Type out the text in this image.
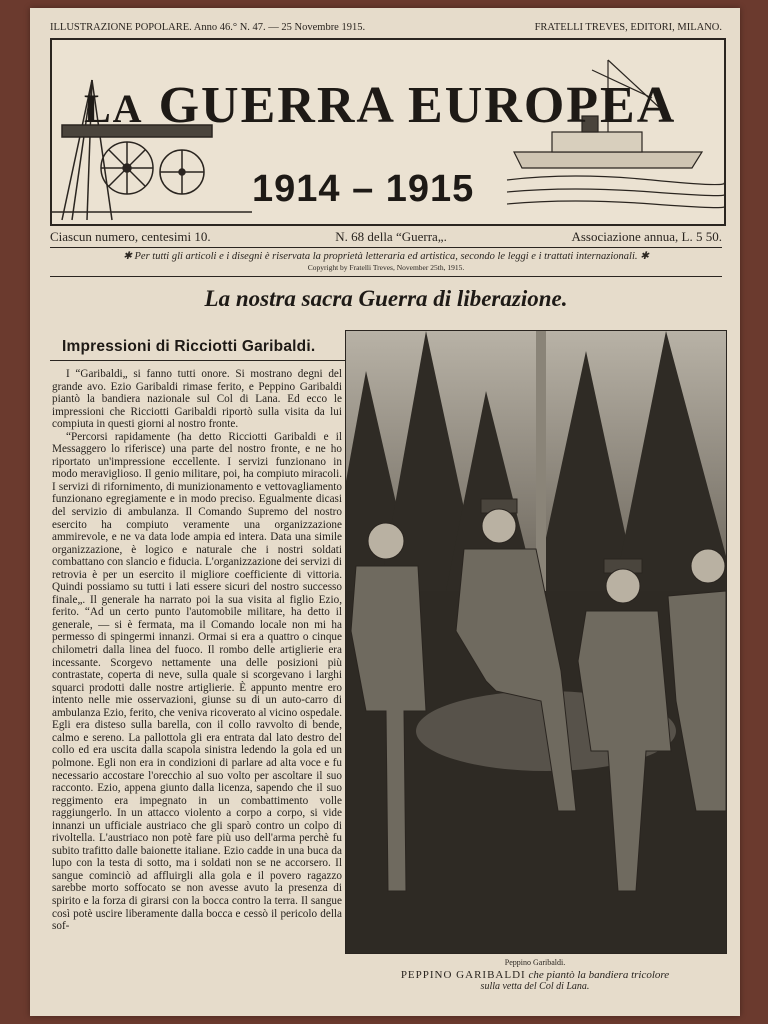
ILLUSTRAZIONE POPOLARE. Anno 46.° N. 47. — 25 Novembre 1915.	FRATELLI TREVES, EDITORI, MILANO.
LA GUERRA EUROPEA
1914 – 1915
Ciascun numero, centesimi 10.	N. 68 della “Guerra„.	Associazione annua, L. 5 50.
✱ Per tutti gli articoli e i disegni è riservata la proprietà letteraria ed artistica, secondo le leggi e i trattati internazionali. ✱
Copyright by Fratelli Treves, November 25th, 1915.
La nostra sacra Guerra di liberazione.
Impressioni di Ricciotti Garibaldi.

I “Garibaldi„ si fanno tutti onore. Si mostrano degni del grande avo. Ezio Garibaldi rimase ferito, e Peppino Garibaldi piantò la bandiera nazionale sul Col di Lana. Ed ecco le impressioni che Ricciotti Garibaldi riportò sulla visita da lui compiuta in questi giorni al nostro fronte.

“Percorsi rapidamente (ha detto Ricciotti Garibaldi e il Messaggero lo riferisce) una parte del nostro fronte, e ne ho riportato un'impressione eccellente. I servizi funzionano in modo meraviglioso. Il genio militare, poi, ha compiuto miracoli. I servizi di rifornimento, di munizionamento e vettovagliamento funzionano egregiamente e in modo preciso. Egualmente dicasi del servizio di ambulanza. Il Comando Supremo del nostro esercito ha compiuto veramente una organizzazione ammirevole, e ne va data lode ampia ed intera. Data una simile organizzazione, è logico e naturale che i nostri soldati combattano con slancio e fiducia. L'organizzazione dei servizi di retrovia è per un esercito il migliore coefficiente di vittoria. Quindi possiamo su tutti i lati essere sicuri del nostro successo finale„. Il generale ha narrato poi la sua visita al figlio Ezio, ferito. “Ad un certo punto l'automobile militare, ha detto il generale, — si è fermata, ma il Comando locale non mi ha permesso di spingermi innanzi. Ormai si era a quattro o cinque chilometri dalla linea del fuoco. Il rombo delle artiglierie era incessante. Scorgevo nettamente una delle posizioni più contrastate, coperta di neve, sulla quale si scorgevano i larghi squarci prodotti dalle nostre artiglierie. È appunto mentre ero intento nelle mie osservazioni, giunse su di un auto-carro di ambulanza Ezio, ferito, che veniva ricoverato al vicino ospedale. Egli era disteso sulla barella, con il collo ravvolto di bende, calmo e sereno. La pallottola gli era entrata dal lato destro del collo ed era uscita dalla scapola sinistra ledendo la gola ed un polmone. Egli non era in condizioni di parlare ad alta voce e fu necessario accostare l'orecchio al suo volto per ascoltare il suo racconto. Ezio, appena giunto dalla licenza, sapendo che il suo reggimento era impegnato in un combattimento volle raggiungerlo. In un attacco violento a corpo a corpo, si vide innanzi un ufficiale austriaco che gli sparò contro un colpo di rivoltella. L'austriaco non potè fare più uso dell'arma perchè fu subito trafitto dalle baionette italiane. Ezio cadde in una buca da lupo con la testa di sotto, ma i soldati non se ne accorsero. Il sangue cominciò ad affluirgli alla gola e il povero ragazzo sarebbe morto soffocato se non avesse avuto la presenza di spirito e la forza di girarsi con la bocca contro la terra. Il sangue così potè uscire liberamente dalla bocca e cessò il pericolo della sof-

Peppino Garibaldi.
PEPPINO GARIBALDI che piantò la bandiera tricolore
sulla vetta del Col di Lana.
